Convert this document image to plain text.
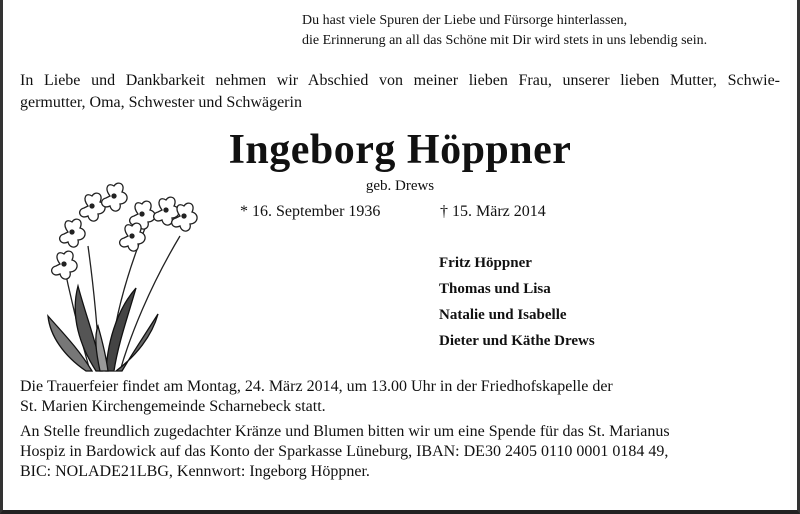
Du hast viele Spuren der Liebe und Fürsorge hinterlassen,
die Erinnerung an all das Schöne mit Dir wird stets in uns lebendig sein.
In Liebe und Dankbarkeit nehmen wir Abschied von meiner lieben Frau, unserer lieben Mutter, Schwie-
germutter, Oma, Schwester und Schwägerin
Ingeborg Höppner
geb. Drews
* 16. September 1936	† 15. März 2014
Fritz Höppner
Thomas und Lisa
Natalie und Isabelle
Dieter und Käthe Drews
Die Trauerfeier findet am Montag, 24. März 2014, um 13.00 Uhr in der Friedhofskapelle der
St. Marien Kirchengemeinde Scharnebeck statt.
An Stelle freundlich zugedachter Kränze und Blumen bitten wir um eine Spende für das St. Marianus
Hospiz in Bardowick auf das Konto der Sparkasse Lüneburg, IBAN: DE30 2405 0110 0001 0184 49,
BIC: NOLADE21LBG, Kennwort: Ingeborg Höppner.
